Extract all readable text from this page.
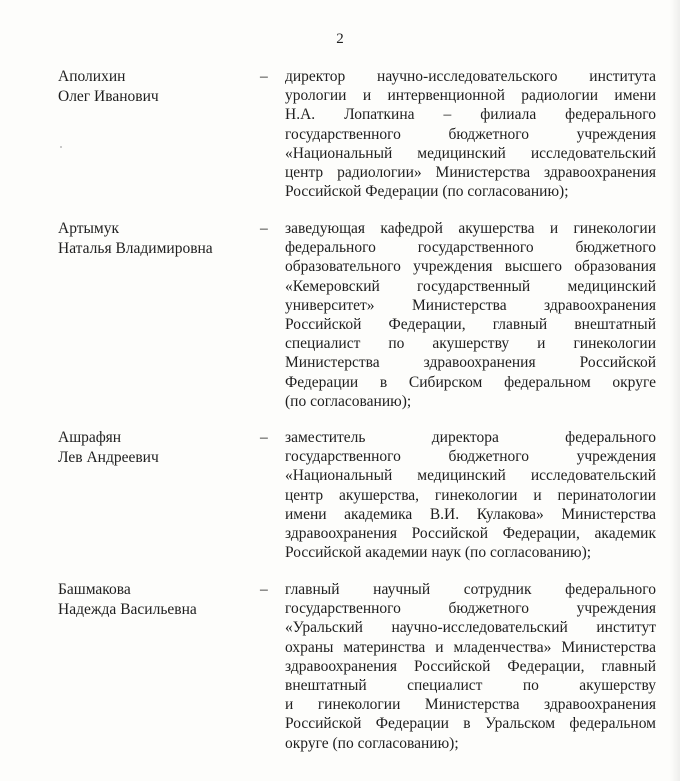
2
Аполихин
Олег Иванович
– директор научно-исследовательского института
урологии и интервенционной радиологии имени
Н.А. Лопаткина – филиала федерального
государственного бюджетного учреждения
«Национальный медицинский исследовательский
центр радиологии» Министерства здравоохранения
Российской Федерации (по согласованию);
Артымук
Наталья Владимировна
– заведующая кафедрой акушерства и гинекологии
федерального государственного бюджетного
образовательного учреждения высшего образования
«Кемеровский государственный медицинский
университет» Министерства здравоохранения
Российской Федерации, главный внештатный
специалист по акушерству и гинекологии
Министерства здравоохранения Российской
Федерации в Сибирском федеральном округе
(по согласованию);
Ашрафян
Лев Андреевич
– заместитель директора федерального
государственного бюджетного учреждения
«Национальный медицинский исследовательский
центр акушерства, гинекологии и перинатологии
имени академика В.И. Кулакова» Министерства
здравоохранения Российской Федерации, академик
Российской академии наук (по согласованию);
Башмакова
Надежда Васильевна
– главный научный сотрудник федерального
государственного бюджетного учреждения
«Уральский научно-исследовательский институт
охраны материнства и младенчества» Министерства
здравоохранения Российской Федерации, главный
внештатный специалист по акушерству
и гинекологии Министерства здравоохранения
Российской Федерации в Уральском федеральном
округе (по согласованию);
